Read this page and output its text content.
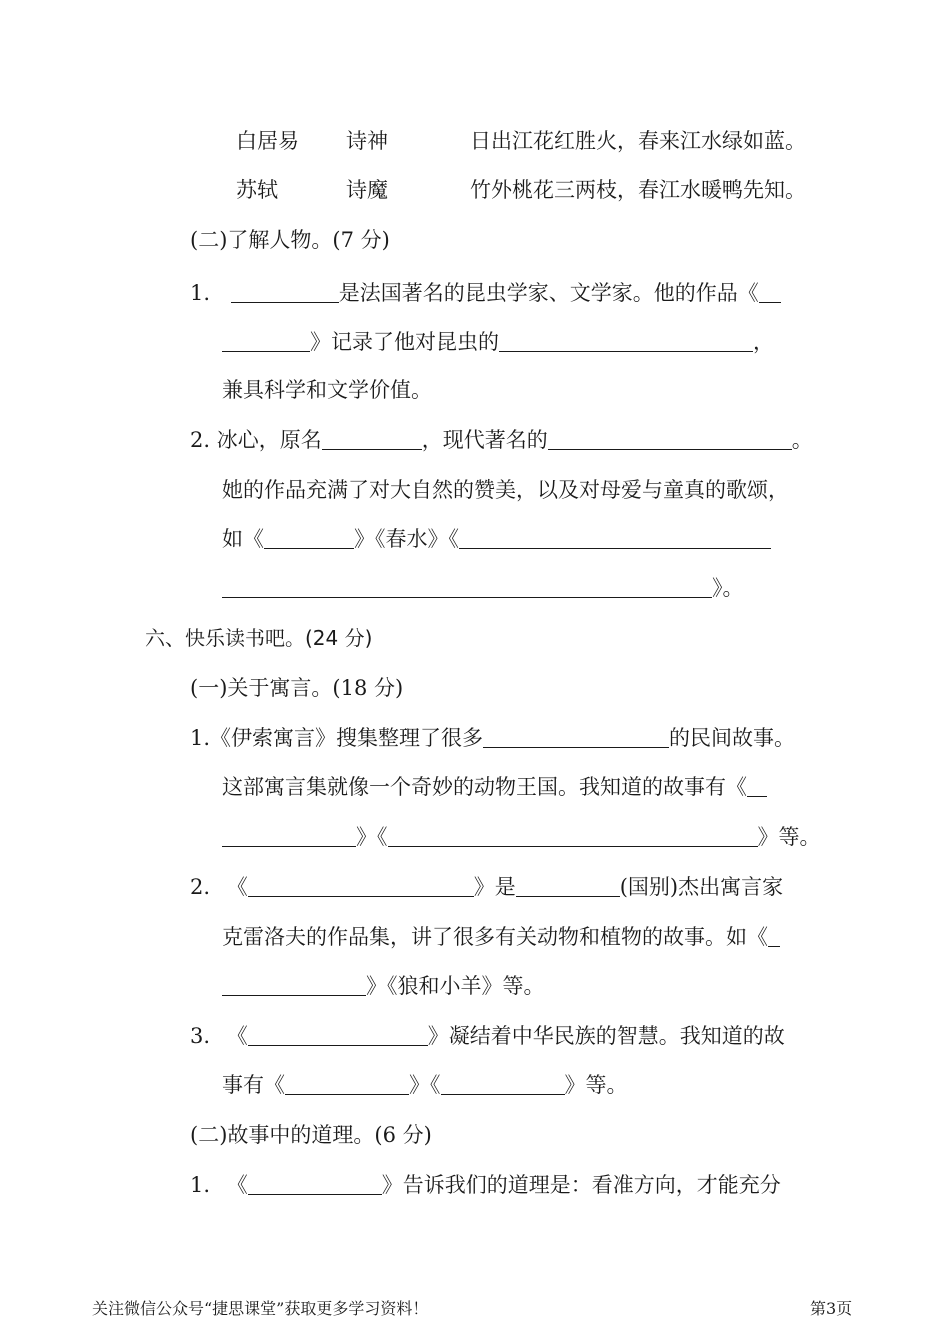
白居易 诗神	日出江花红胜火，春来江水绿如蓝。
苏轼	诗魔	竹外桃花三两枝，春江水暖鸭先知。
(二)了解人物。(7 分)
1.	是法国著名的昆虫学家、文学家。他的作品《
》记录了他对昆虫的	，
兼具科学和文学价值。
2. 冰心，原名	，现代著名的	。
她的作品充满了对大自然的赞美，以及对母爱与童真的歌颂，
如《	》《春水》《
》。
六、快乐读书吧。(24 分)
(一)关于寓言。(18 分)
1.《伊索寓言》搜集整理了很多	的民间故事。
这部寓言集就像一个奇妙的动物王国。我知道的故事有《
》《	》等。
2. 《	》是	(国别)杰出寓言家
克雷洛夫的作品集，讲了很多有关动物和植物的故事。如《
》《狼和小羊》等。
3. 《	》凝结着中华民族的智慧。我知道的故
事有《	》《	》等。
(二)故事中的道理。(6 分)
1. 《	》告诉我们的道理是：看准方向，才能充分
关注微信公众号“捷思课堂”获取更多学习资料！	第3页
